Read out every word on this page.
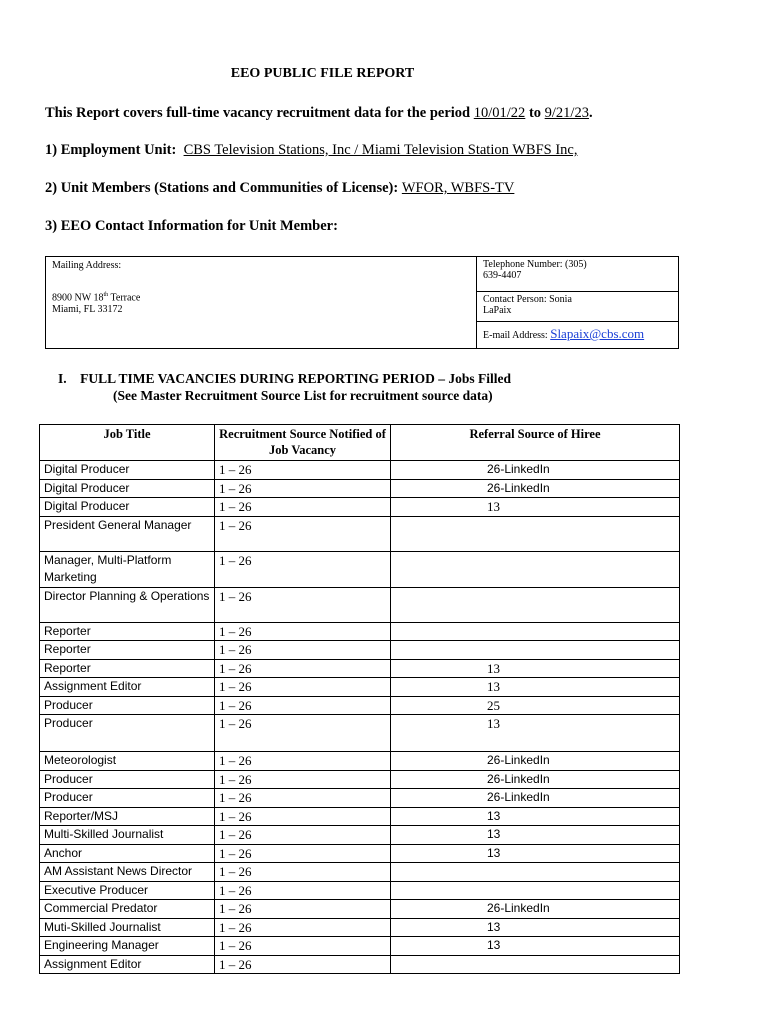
EEO PUBLIC FILE REPORT
This Report covers full-time vacancy recruitment data for the period 10/01/22 to 9/21/23.
1) Employment Unit: CBS Television Stations, Inc / Miami Television Station WBFS Inc,
2) Unit Members (Stations and Communities of License): WFOR, WBFS-TV
3) EEO Contact Information for Unit Member:
Mailing Address:
8900 NW 18th Terrace
Miami, FL 33172
Telephone Number: (305)
639-4407
Contact Person: Sonia
LaPaix
E-mail Address: Slapaix@cbs.com
I. FULL TIME VACANCIES DURING REPORTING PERIOD – Jobs Filled
(See Master Recruitment Source List for recruitment source data)
Job Title	Recruitment Source Notified of Job Vacancy	Referral Source of Hiree
Digital Producer	1 – 26	26-LinkedIn
Digital Producer	1 – 26	26-LinkedIn
Digital Producer	1 – 26	13
President General Manager	1 – 26	
Manager, Multi-Platform Marketing	1 – 26	
Director Planning & Operations	1 – 26	
Reporter	1 – 26	
Reporter	1 – 26	
Reporter	1 – 26	13
Assignment Editor	1 – 26	13
Producer	1 – 26	25
Producer	1 – 26	13
Meteorologist	1 – 26	26-LinkedIn
Producer	1 – 26	26-LinkedIn
Producer	1 – 26	26-LinkedIn
Reporter/MSJ	1 – 26	13
Multi-Skilled Journalist	1 – 26	13
Anchor	1 – 26	13
AM Assistant News Director	1 – 26	
Executive Producer	1 – 26	
Commercial Predator	1 – 26	26-LinkedIn
Muti-Skilled Journalist	1 – 26	13
Engineering Manager	1 – 26	13
Assignment Editor	1 – 26	
